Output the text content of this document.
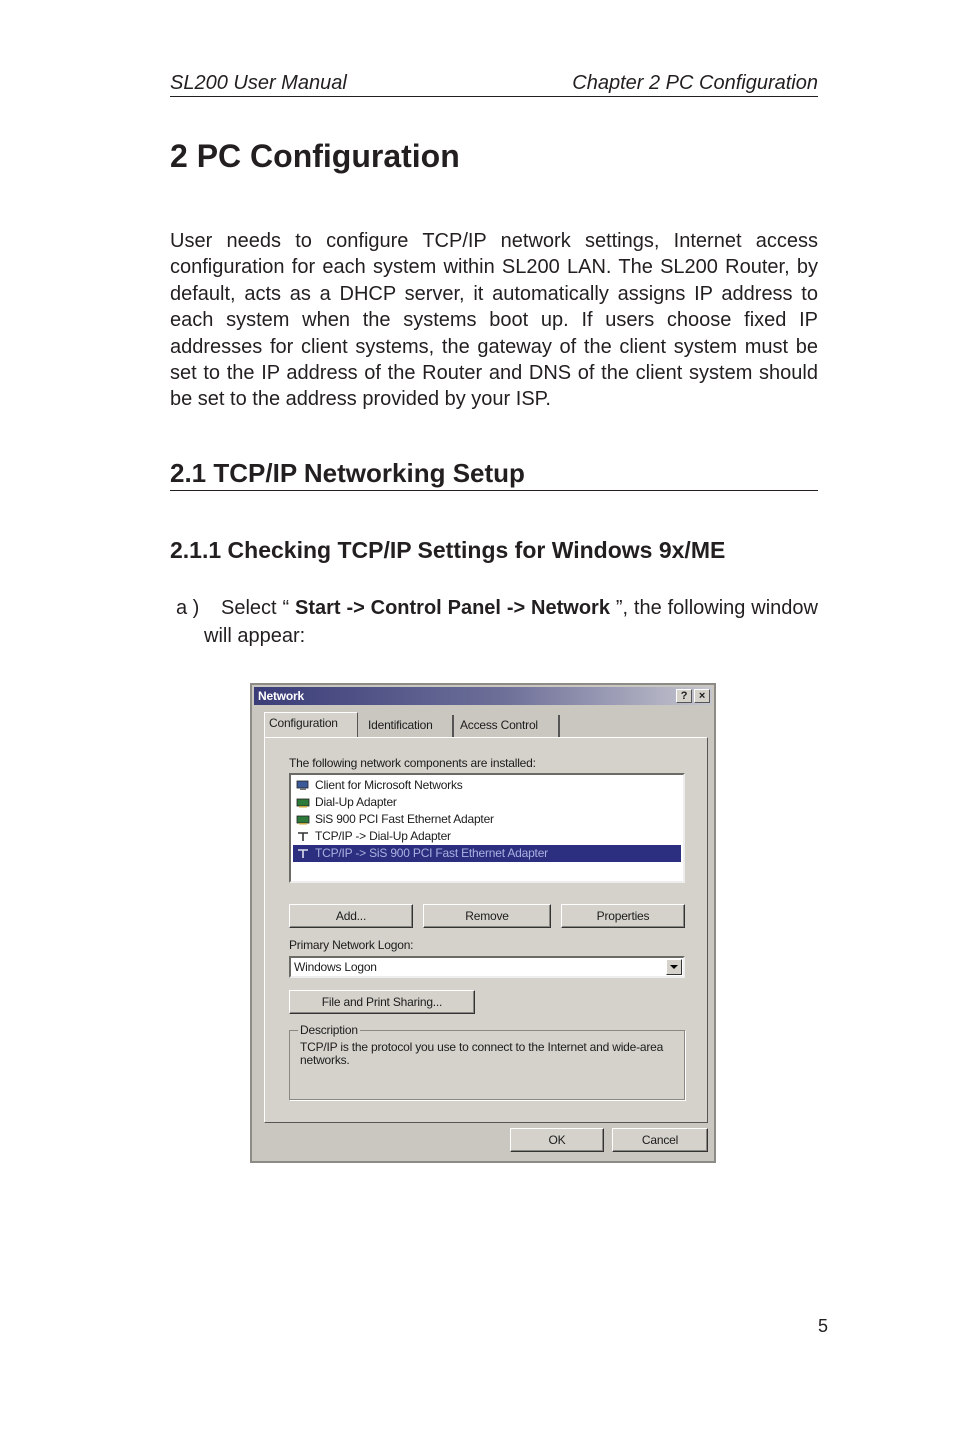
SL200 User Manual	Chapter 2 PC Configuration
2 PC Configuration

User needs to configure TCP/IP network settings, Internet access configuration for each system within SL200 LAN. The SL200 Router, by default, acts as a DHCP server, it automatically assigns IP address to each system when the systems boot up. If users choose fixed IP addresses for client systems, the gateway of the client system must be set to the IP address of the Router and DNS of the client system should be set to the address provided by your ISP.

2.1 TCP/IP Networking Setup
2.1.1 Checking TCP/IP Settings for Windows 9x/ME

a ) Select “ Start -> Control Panel -> Network ”, the following window will appear:

Network	?	×
Configuration	Identification	Access Control
The following network components are installed:
Client for Microsoft Networks
Dial-Up Adapter
SiS 900 PCI Fast Ethernet Adapter
TCP/IP -> Dial-Up Adapter
TCP/IP -> SiS 900 PCI Fast Ethernet Adapter
Add...	Remove	Properties
Primary Network Logon:
Windows Logon
File and Print Sharing...
Description
TCP/IP is the protocol you use to connect to the Internet and wide-area networks.
OK	Cancel
5
